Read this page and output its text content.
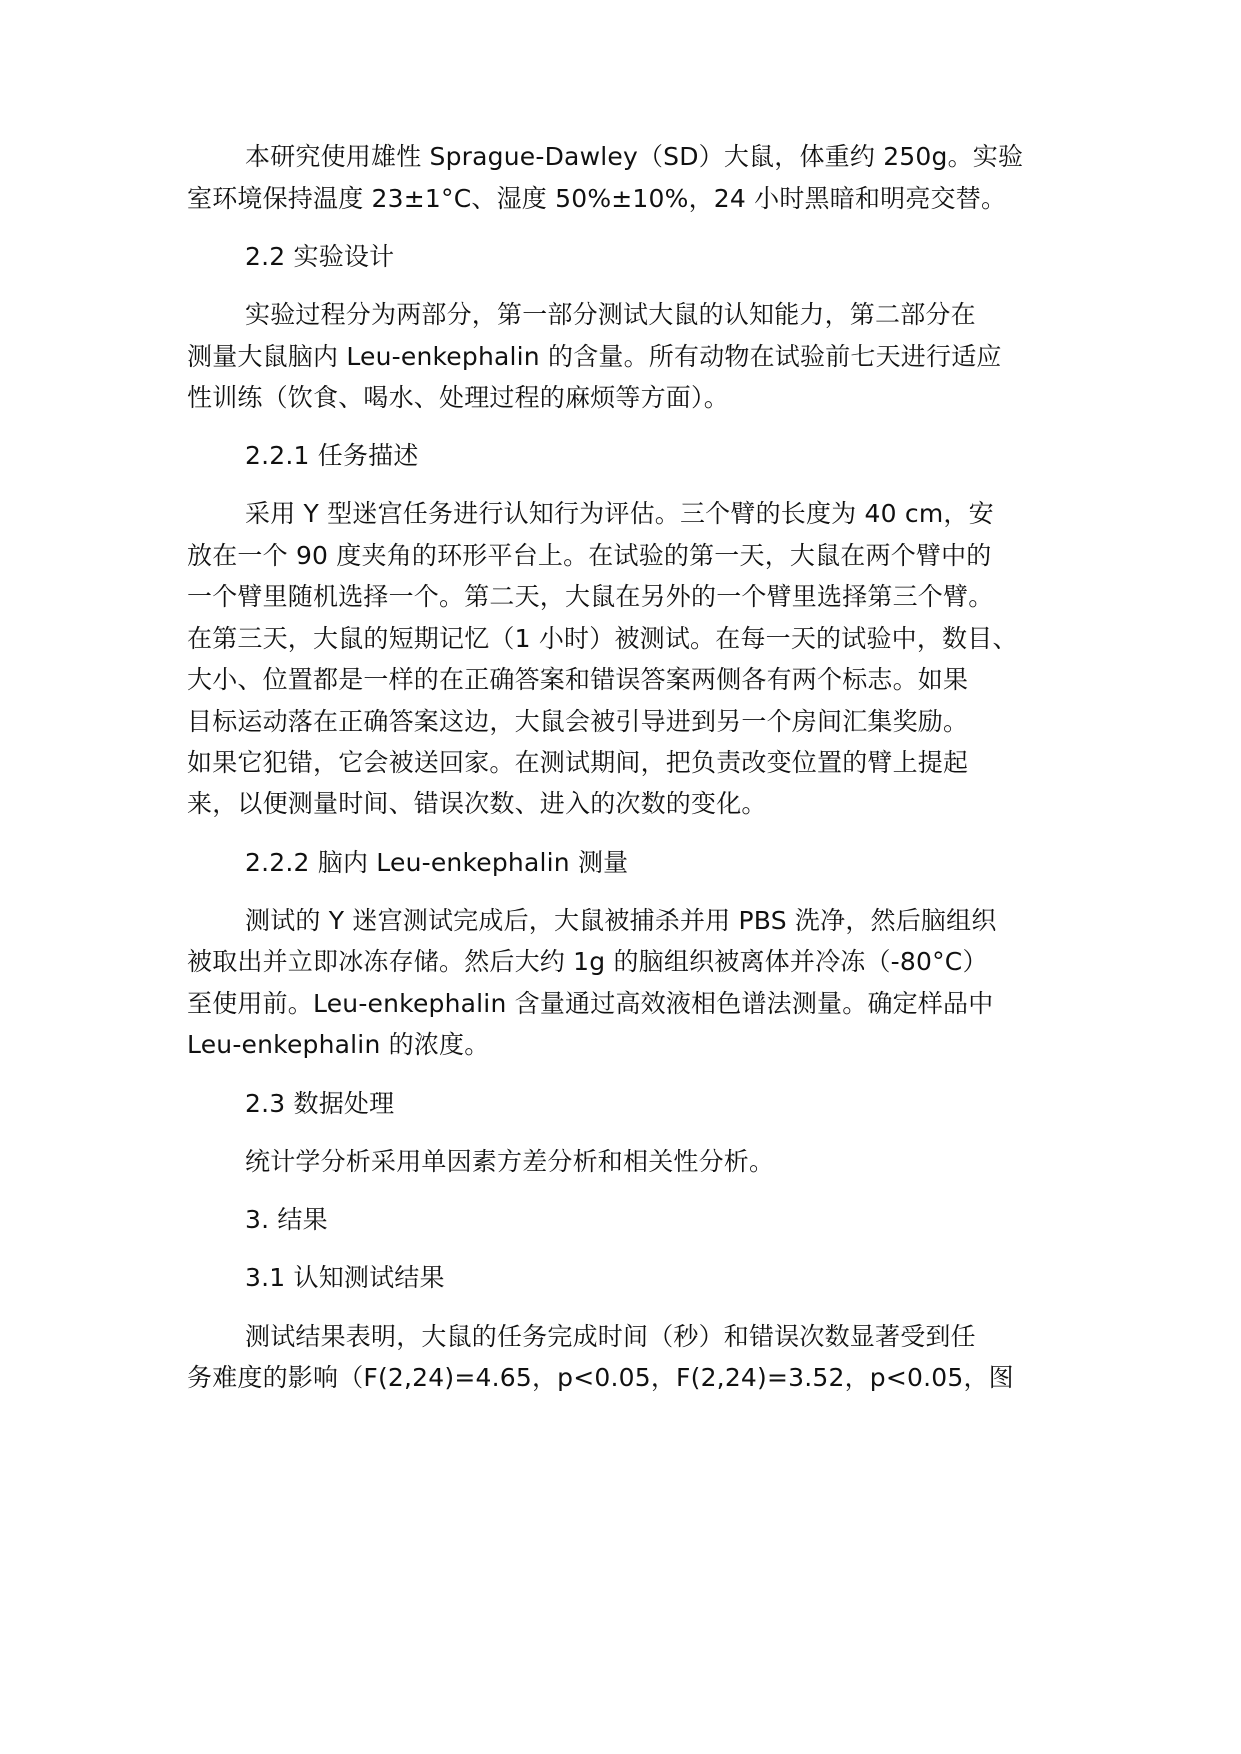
本研究使用雄性 Sprague-Dawley（SD）大鼠，体重约 250g。实验
室环境保持温度 23±1°C、湿度 50%±10%，24 小时黑暗和明亮交替。
2.2 实验设计
实验过程分为两部分，第一部分测试大鼠的认知能力，第二部分在
测量大鼠脑内 Leu-enkephalin 的含量。所有动物在试验前七天进行适应
性训练（饮食、喝水、处理过程的麻烦等方面）。
2.2.1 任务描述
采用 Y 型迷宫任务进行认知行为评估。三个臂的长度为 40 cm，安
放在一个 90 度夹角的环形平台上。在试验的第一天，大鼠在两个臂中的
一个臂里随机选择一个。第二天，大鼠在另外的一个臂里选择第三个臂。
在第三天，大鼠的短期记忆（1 小时）被测试。在每一天的试验中，数目、
大小、位置都是一样的在正确答案和错误答案两侧各有两个标志。如果
目标运动落在正确答案这边，大鼠会被引导进到另一个房间汇集奖励。
如果它犯错，它会被送回家。在测试期间，把负责改变位置的臂上提起
来，以便测量时间、错误次数、进入的次数的变化。
2.2.2 脑内 Leu-enkephalin 测量
测试的 Y 迷宫测试完成后，大鼠被捕杀并用 PBS 洗净，然后脑组织
被取出并立即冰冻存储。然后大约 1g 的脑组织被离体并冷冻（-80°C）
至使用前。Leu-enkephalin 含量通过高效液相色谱法测量。确定样品中
Leu-enkephalin 的浓度。
2.3 数据处理
统计学分析采用单因素方差分析和相关性分析。
3. 结果
3.1 认知测试结果
测试结果表明，大鼠的任务完成时间（秒）和错误次数显著受到任
务难度的影响（F(2,24)=4.65，p<0.05，F(2,24)=3.52，p<0.05，图
